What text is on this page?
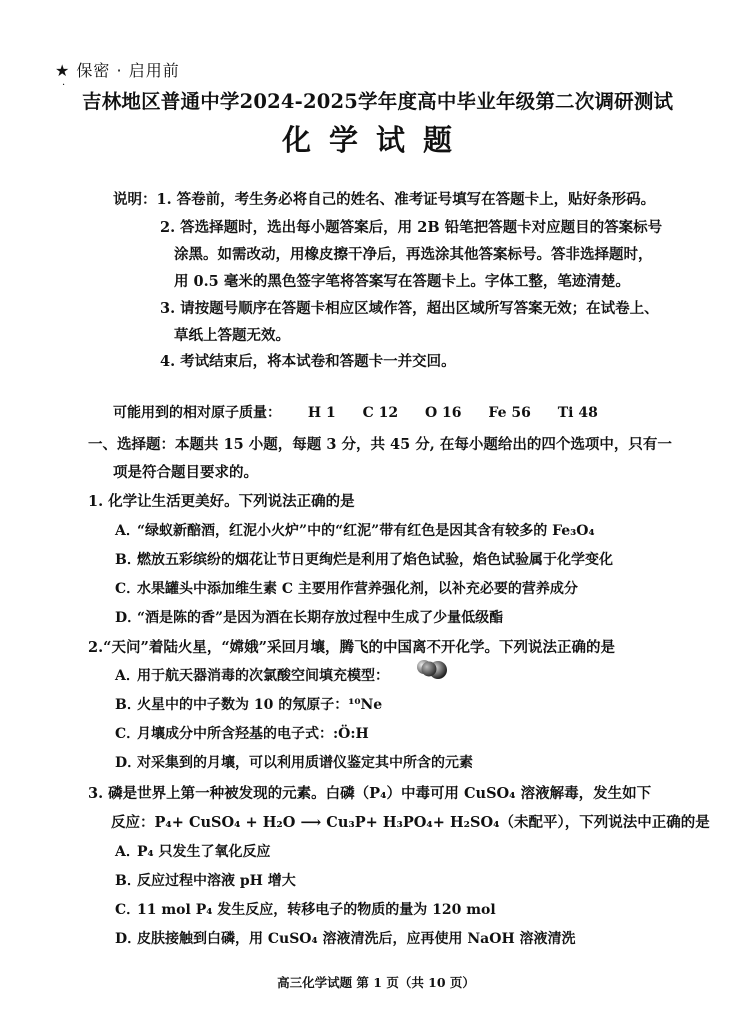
★ 保密 · 启用前
·
吉林地区普通中学2024-2025学年度高中毕业年级第二次调研测试
化学试题
说明：1. 答卷前，考生务必将自己的姓名、准考证号填写在答题卡上，贴好条形码。
2. 答选择题时，选出每小题答案后，用 2B 铅笔把答题卡对应题目的答案标号
涂黑。如需改动，用橡皮擦干净后，再选涂其他答案标号。答非选择题时，
用 0.5 毫米的黑色签字笔将答案写在答题卡上。字体工整，笔迹清楚。
3. 请按题号顺序在答题卡相应区域作答，超出区域所写答案无效；在试卷上、
草纸上答题无效。
4. 考试结束后，将本试卷和答题卡一并交回。
可能用到的相对原子质量： H 1 C 12 O 16 Fe 56 Ti 48
一、选择题：本题共 15 小题，每题 3 分，共 45 分, 在每小题给出的四个选项中，只有一
项是符合题目要求的。
1. 化学让生活更美好。下列说法正确的是
A．“绿蚁新醅酒，红泥小火炉”中的“红泥”带有红色是因其含有较多的 Fe₃O₄
B．燃放五彩缤纷的烟花让节日更绚烂是利用了焰色试验，焰色试验属于化学变化
C．水果罐头中添加维生素 C 主要用作营养强化剂，以补充必要的营养成分
D．“酒是陈的香”是因为酒在长期存放过程中生成了少量低级酯
2.“天问”着陆火星，“嫦娥”采回月壤，腾飞的中国离不开化学。下列说法正确的是
A．用于航天器消毒的次氯酸空间填充模型：
B．火星中的中子数为 10 的氖原子：¹⁰Ne
C．月壤成分中所含羟基的电子式：:Ö:H
D．对采集到的月壤，可以利用质谱仪鉴定其中所含的元素
3. 磷是世界上第一种被发现的元素。白磷（P₄）中毒可用 CuSO₄ 溶液解毒，发生如下
反应：P₄+ CuSO₄ + H₂O ⟶ Cu₃P+ H₃PO₄+ H₂SO₄（未配平），下列说法中正确的是
A．P₄ 只发生了氧化反应
B．反应过程中溶液 pH 增大
C．11 mol P₄ 发生反应，转移电子的物质的量为 120 mol
D．皮肤接触到白磷，用 CuSO₄ 溶液清洗后，应再使用 NaOH 溶液清洗
高三化学试题 第 1 页（共 10 页）
